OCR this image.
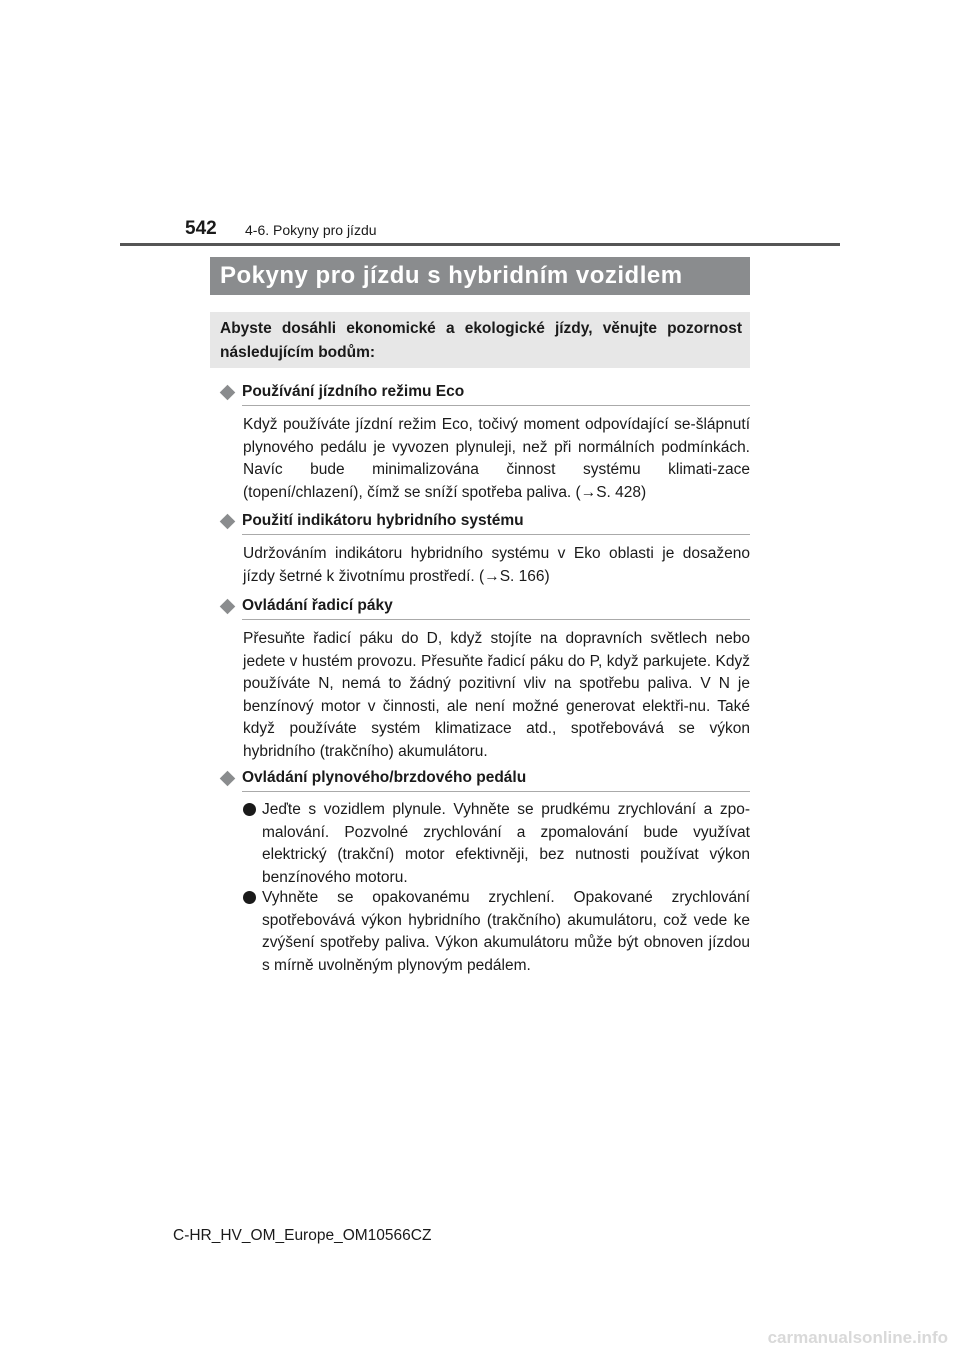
542 4-6. Pokyny pro jízdu
Pokyny pro jízdu s hybridním vozidlem
Abyste dosáhli ekonomické a ekologické jízdy, věnujte pozornost následujícím bodům:
Používání jízdního režimu Eco
Když používáte jízdní režim Eco, točivý moment odpovídající se-šlápnutí plynového pedálu je vyvozen plynuleji, než při normálních podmínkách. Navíc bude minimalizována činnost systému klimati-zace (topení/chlazení), čímž se sníží spotřeba paliva. (→S. 428)
Použití indikátoru hybridního systému
Udržováním indikátoru hybridního systému v Eko oblasti je dosaženo jízdy šetrné k životnímu prostředí. (→S. 166)
Ovládání řadicí páky
Přesuňte řadicí páku do D, když stojíte na dopravních světlech nebo jedete v hustém provozu. Přesuňte řadicí páku do P, když parkujete. Když používáte N, nemá to žádný pozitivní vliv na spotřebu paliva. V N je benzínový motor v činnosti, ale není možné generovat elektři-nu. Také když používáte systém klimatizace atd., spotřebovává se výkon hybridního (trakčního) akumulátoru.
Ovládání plynového/brzdového pedálu
Jeďte s vozidlem plynule. Vyhněte se prudkému zrychlování a zpo-malování. Pozvolné zrychlování a zpomalování bude využívat elektrický (trakční) motor efektivněji, bez nutnosti používat výkon benzínového motoru.
Vyhněte se opakovanému zrychlení. Opakované zrychlování spotřebovává výkon hybridního (trakčního) akumulátoru, což vede ke zvýšení spotřeby paliva. Výkon akumulátoru může být obnoven jízdou s mírně uvolněným plynovým pedálem.
C-HR_HV_OM_Europe_OM10566CZ
carmanualsonline.info
